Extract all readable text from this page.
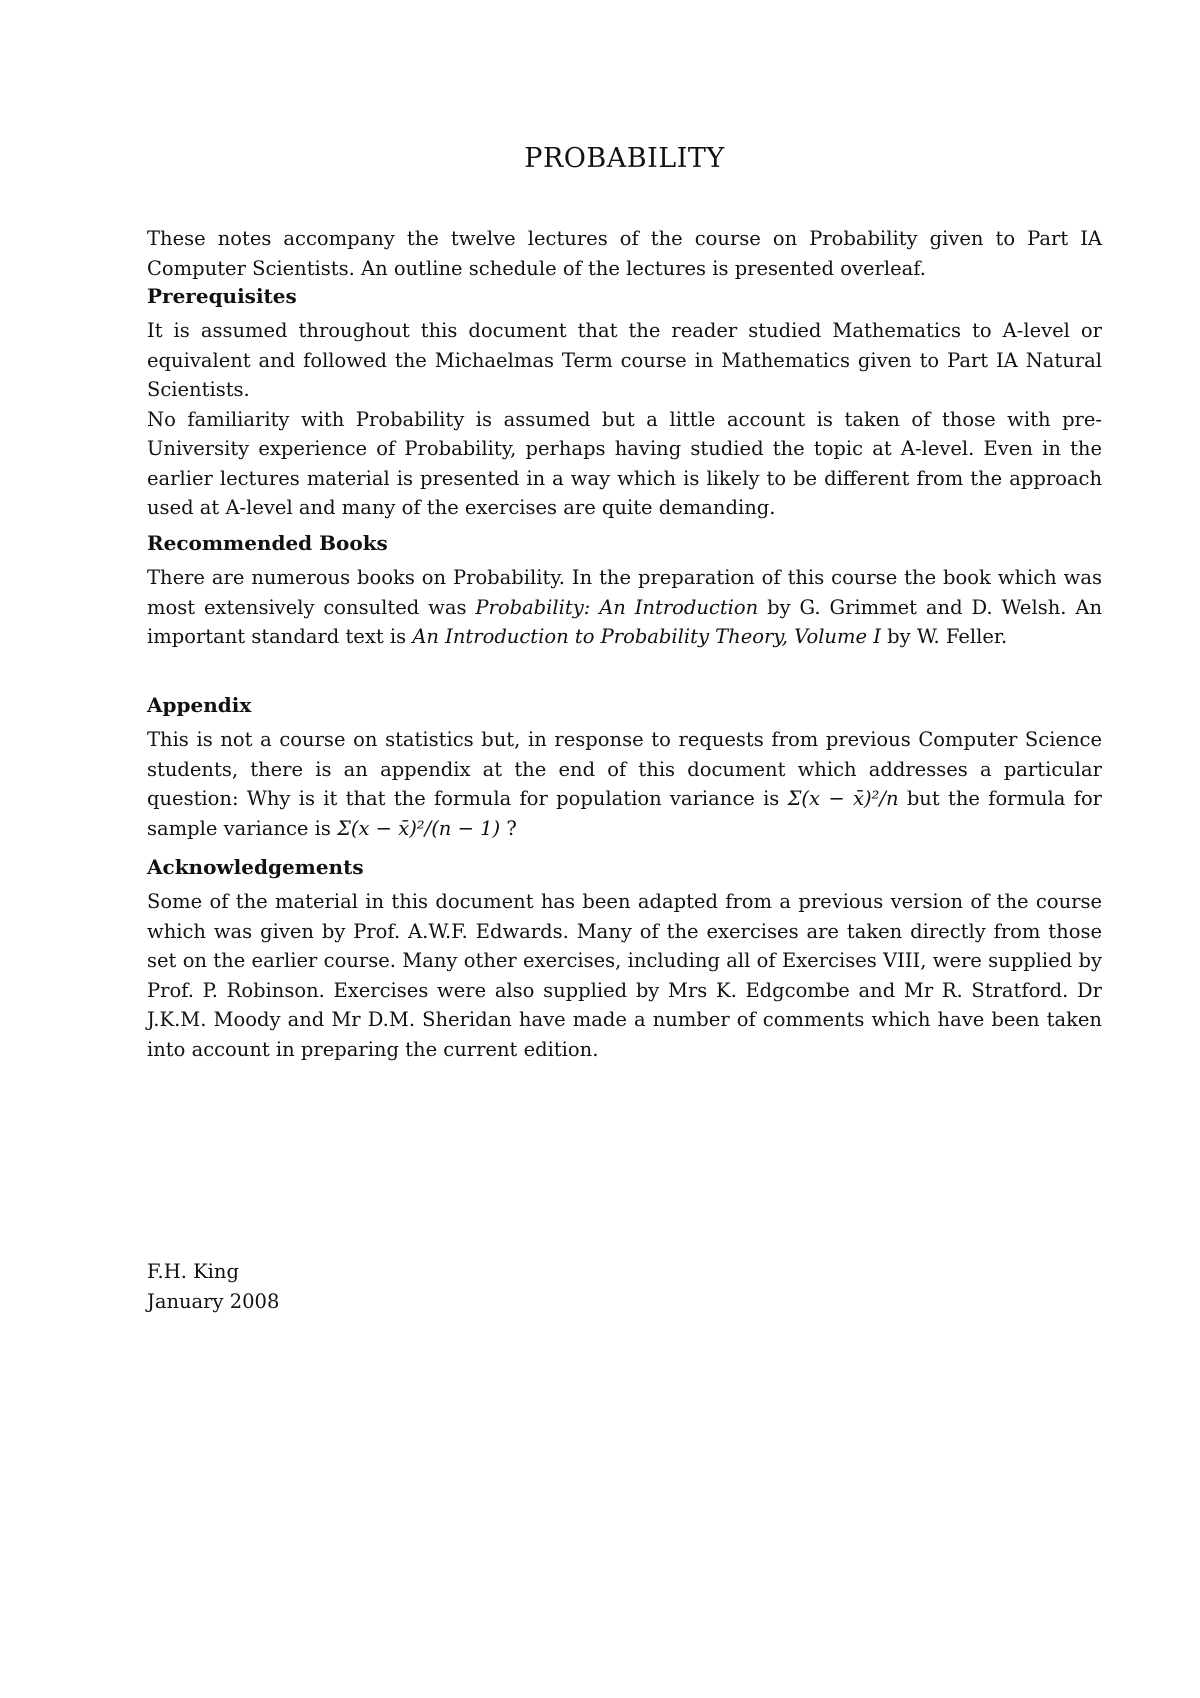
PROBABILITY

These notes accompany the twelve lectures of the course on Probability given to Part IA Computer Scientists. An outline schedule of the lectures is presented overleaf.

Prerequisites

It is assumed throughout this document that the reader studied Mathematics to A-level or equivalent and followed the Michaelmas Term course in Mathematics given to Part IA Natural Scientists.

No familiarity with Probability is assumed but a little account is taken of those with pre-University experience of Probability, perhaps having studied the topic at A-level. Even in the earlier lectures material is presented in a way which is likely to be different from the approach used at A-level and many of the exercises are quite demanding.

Recommended Books

There are numerous books on Probability. In the preparation of this course the book which was most extensively consulted was Probability: An Introduction by G. Grimmet and D. Welsh. An important standard text is An Introduction to Probability Theory, Volume I by W. Feller.

Appendix

This is not a course on statistics but, in response to requests from previous Computer Science students, there is an appendix at the end of this document which addresses a particular question: Why is it that the formula for population variance is Σ(x − x̄)²/n but the formula for sample variance is Σ(x − x̄)²/(n − 1) ?

Acknowledgements

Some of the material in this document has been adapted from a previous version of the course which was given by Prof. A.W.F. Edwards. Many of the exercises are taken directly from those set on the earlier course. Many other exercises, including all of Exercises VIII, were supplied by Prof. P. Robinson. Exercises were also supplied by Mrs K. Edgcombe and Mr R. Stratford. Dr J.K.M. Moody and Mr D.M. Sheridan have made a number of comments which have been taken into account in preparing the current edition.

F.H. King
January 2008
